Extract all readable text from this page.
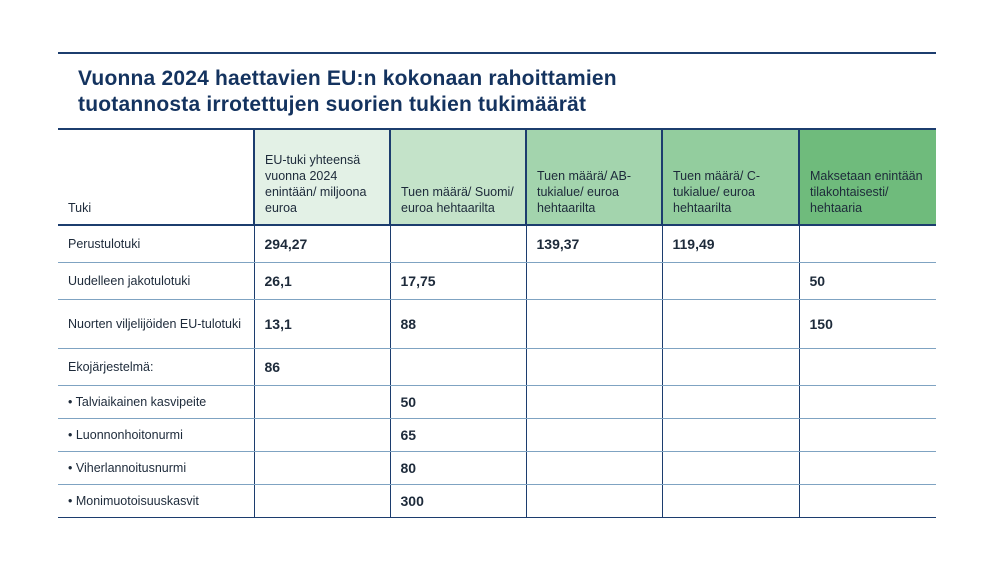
Vuonna 2024 haettavien EU:n kokonaan rahoittamien
tuotannosta irrotettujen suorien tukien tukimäärät
Tuki	EU-tuki yhteensä vuonna 2024 enintään/ miljoona euroa	Tuen määrä/ Suomi/ euroa hehtaarilta	Tuen määrä/ AB-tukialue/ euroa hehtaarilta	Tuen määrä/ C-tukialue/ euroa hehtaarilta	Maksetaan enintään tilakohtaisesti/ hehtaaria
Perustulotuki	294,27		139,37	119,49	
Uudelleen jakotulotuki	26,1	17,75			50
Nuorten viljelijöiden EU-tulotuki	13,1	88			150
Ekojärjestelmä:	86				
• Talviaikainen kasvipeite		50			
• Luonnonhoitonurmi		65			
• Viherlannoitusnurmi		80			
• Monimuotoisuuskasvit		300			
